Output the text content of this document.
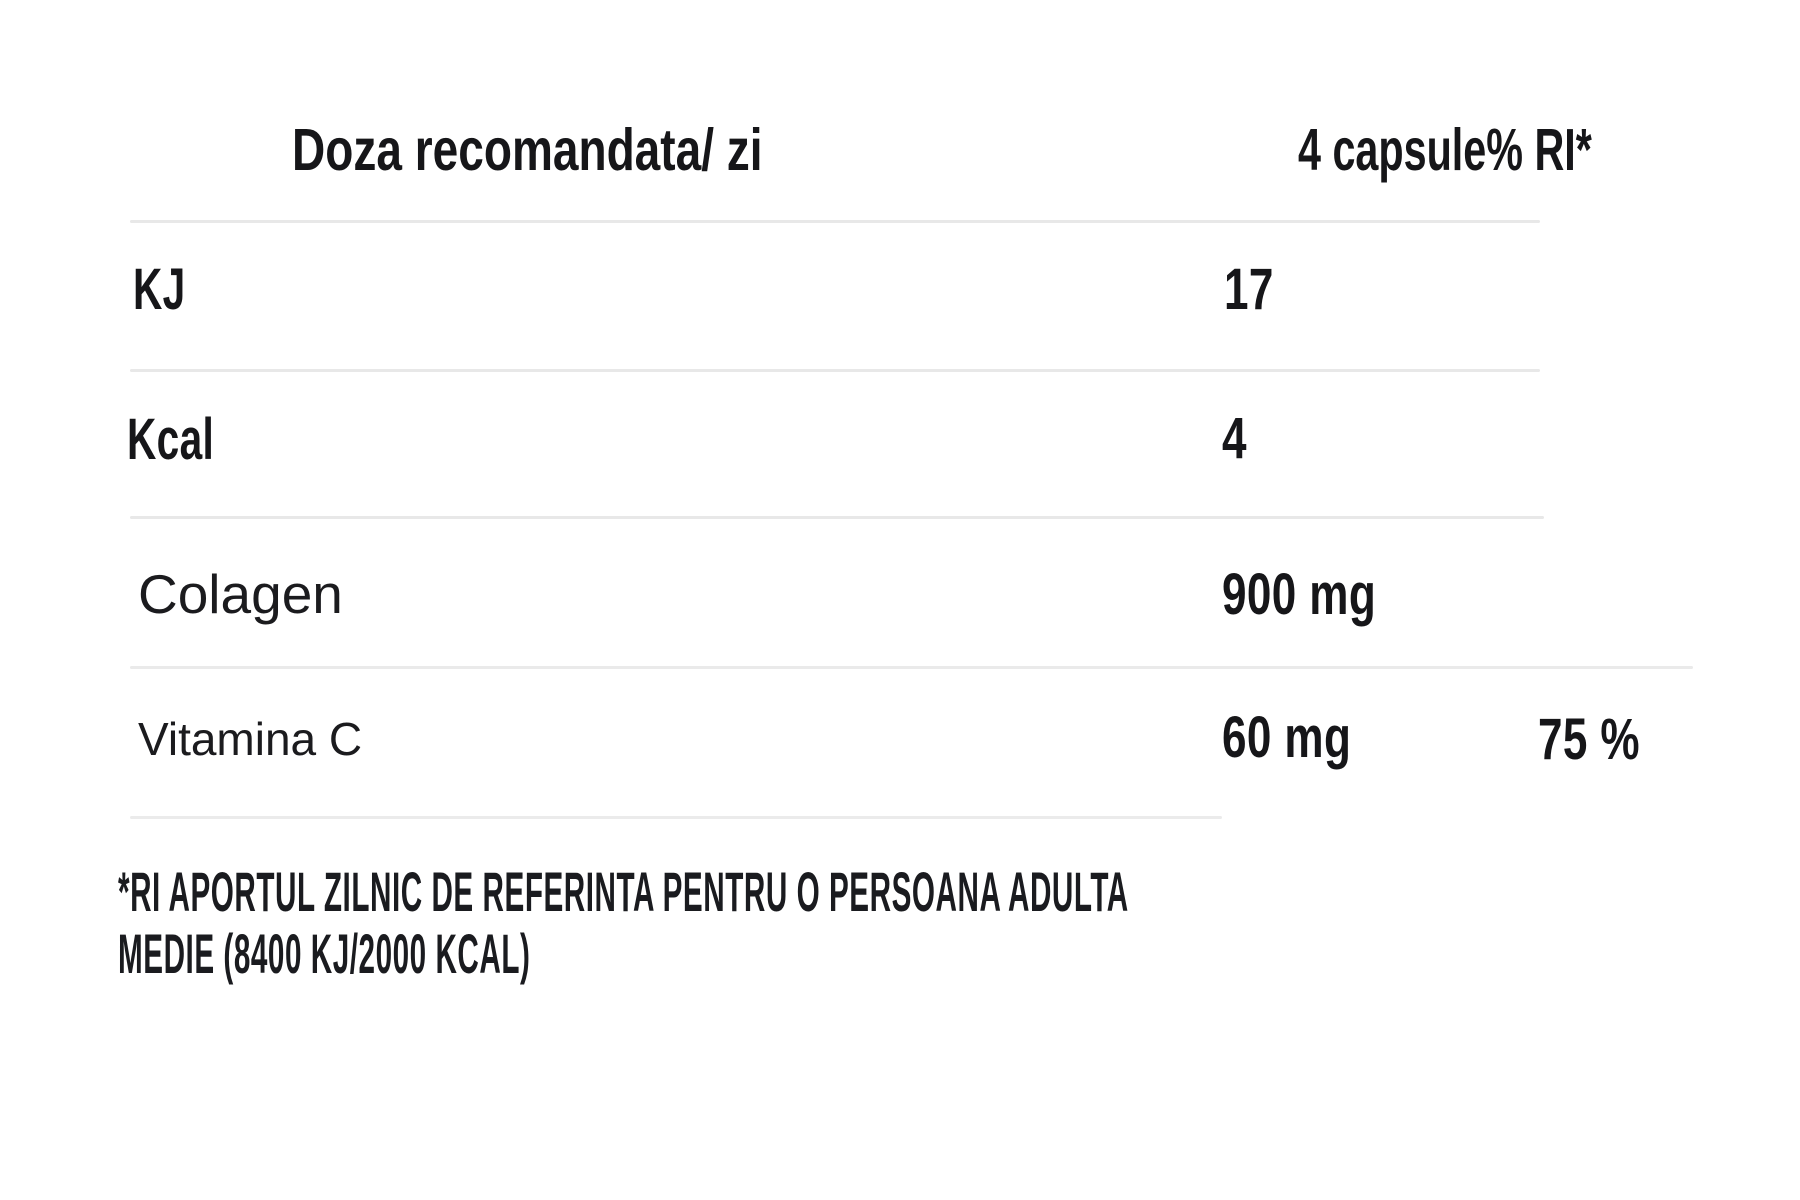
Doza recomandata/ zi	4 capsule% RI*
KJ	17
Kcal	4
Colagen	900 mg
Vitamina C	60 mg	75 %
*RI APORTUL ZILNIC DE REFERINTA PENTRU O PERSOANA ADULTA
MEDIE (8400 KJ/2000 KCAL)
